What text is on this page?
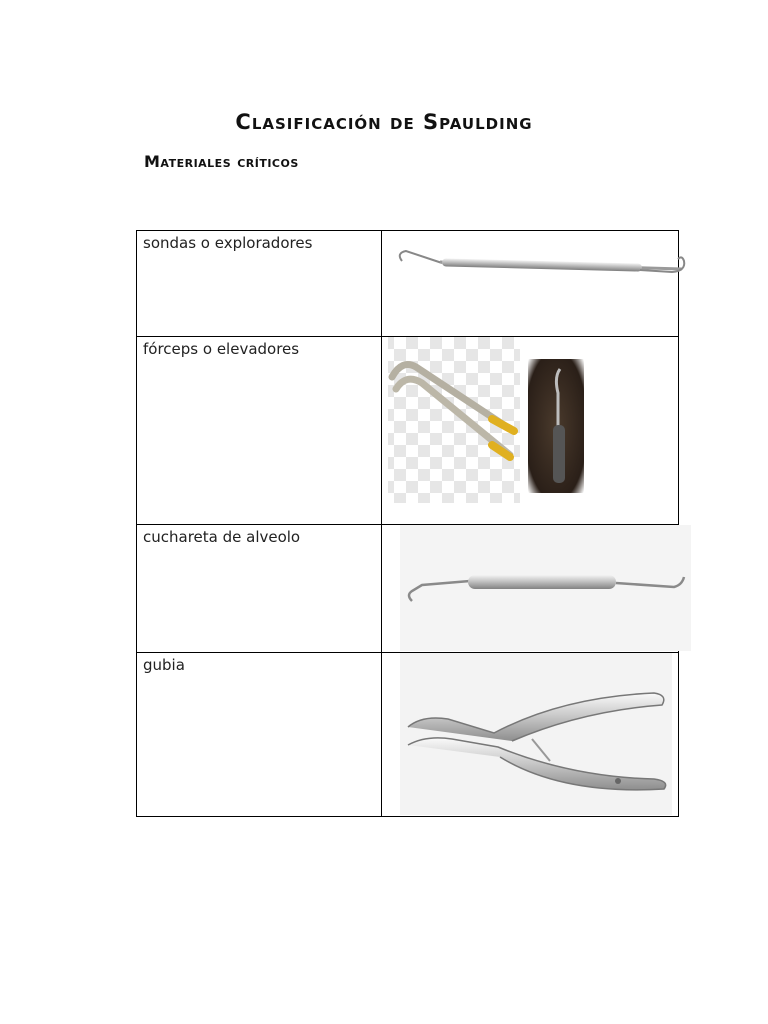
Clasificación de Spaulding
Materiales críticos
sondas o exploradores	

fórceps o elevadores	

cuchareta de alveolo	

gubia	
